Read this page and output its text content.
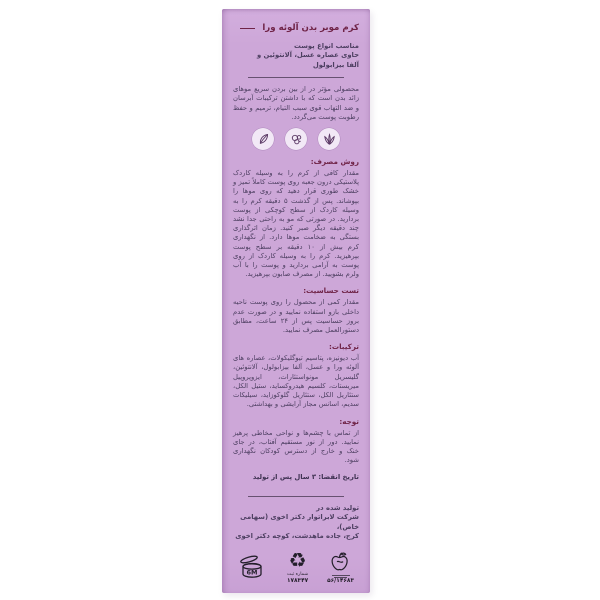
کرم موبر بدن آلوئه ورا
مناسب انواع پوست
حاوی عصاره عسل، آلانتوئین و
آلفا بیزابولول

محصولی مؤثر در از بین بردن سریع موهای زائد بدن است که با داشتن ترکیبات آبرسان و ضد التهاب قوی سبب التیام، ترمیم و حفظ رطوبت پوست می‌گردد.

روش مصرف:

مقدار کافی از کرم را به وسیله کاردک پلاستیکی درون جعبه روی پوست کاملاً تمیز و خشک طوری قرار دهید که روی موها را بپوشاند. پس از گذشت ۵ دقیقه کرم را به وسیله کاردک از سطح کوچکی از پوست بردارید. در صورتی که مو به راحتی جدا نشد چند دقیقه دیگر صبر کنید. زمان اثرگذاری بستگی به ضخامت موها دارد. از نگهداری کرم بیش از ۱۰ دقیقه بر سطح پوست بپرهیزید. کرم را به وسیله کاردک از روی پوست به آرامی بردارید و پوست را با آب ولرم بشویید. از مصرف صابون بپرهیزید.

تست حساسیت:

مقدار کمی از محصول را روی پوست ناحیه داخلی بازو استفاده نمایید و در صورت عدم بروز حساسیت پس از ۲۴ ساعت، مطابق دستورالعمل مصرف نمایید.

ترکیبات:

آب دیونیزه، پتاسیم تیوگلیکولات، عصاره های آلوئه ورا و عسل، آلفا بیزابولول، آلانتوئین، گلیسریل مونواستئارات، ایزوپروپیل میریستات، کلسیم هیدروکساید، ستیل الکل، ستئاریل الکل، ستئاریل گلوکوزاید، سیلیکات سدیم، اسانس مجاز آرایشی و بهداشتی.

توجه:

از تماس با چشم‌ها و نواحی مخاطی پرهیز نمایید. دور از نور مستقیم آفتاب، در جای خنک و خارج از دسترس کودکان نگهداری شود.

تاریخ انقضا: ۳ سال پس از تولید

تولید شده در
شرکت لابراتوار دکتر اخوی (سهامی خاص)،
کرج، جاده ماهدشت، کوچه دکتر اخوی
6M
♻
شماره ثبت
۱۷۸۳۴۷	۵۶/۱۴۶۸۳
